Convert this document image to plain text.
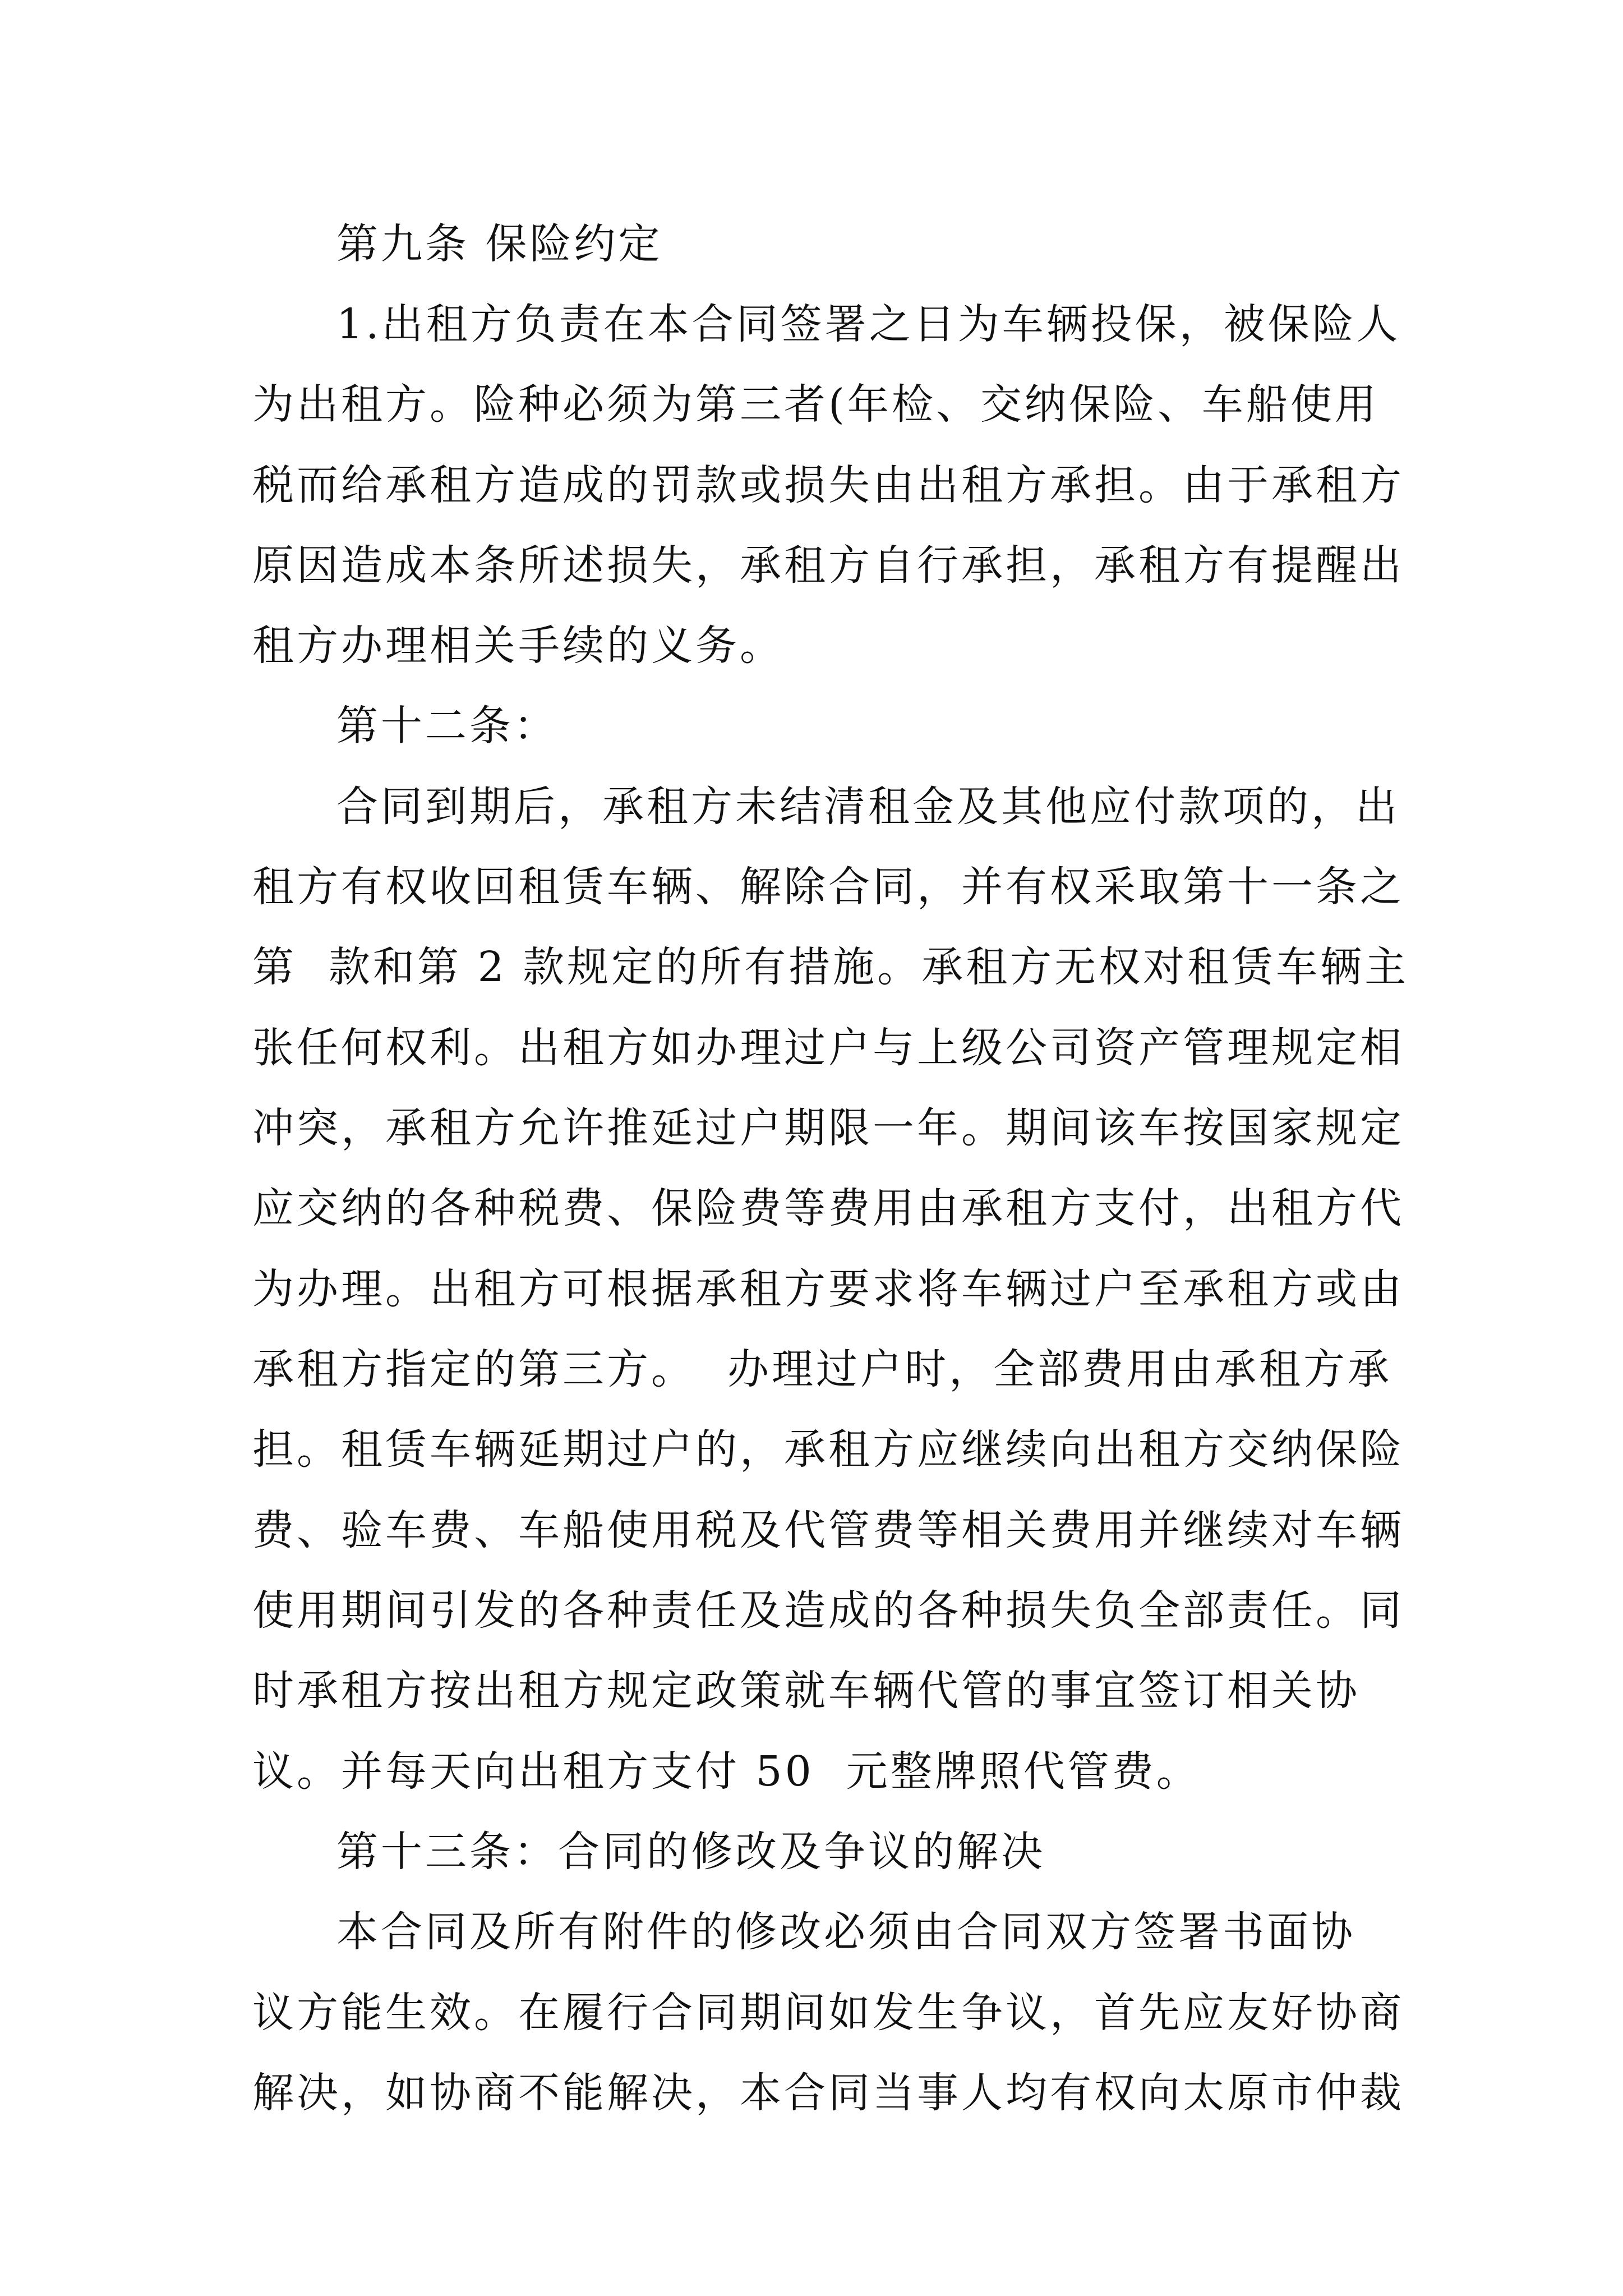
第九条 保险约定
1.出租方负责在本合同签署之日为车辆投保，被保险人
为出租方。险种必须为第三者(年检、交纳保险、车船使用
税而给承租方造成的罚款或损失由出租方承担。由于承租方
原因造成本条所述损失，承租方自行承担，承租方有提醒出
租方办理相关手续的义务。
第十二条：
合同到期后，承租方未结清租金及其他应付款项的，出
租方有权收回租赁车辆、解除合同，并有权采取第十一条之
第  款和第 2 款规定的所有措施。承租方无权对租赁车辆主
张任何权利。出租方如办理过户与上级公司资产管理规定相
冲突，承租方允许推延过户期限一年。期间该车按国家规定
应交纳的各种税费、保险费等费用由承租方支付，出租方代
为办理。出租方可根据承租方要求将车辆过户至承租方或由
承租方指定的第三方。  办理过户时，全部费用由承租方承
担。租赁车辆延期过户的，承租方应继续向出租方交纳保险
费、验车费、车船使用税及代管费等相关费用并继续对车辆
使用期间引发的各种责任及造成的各种损失负全部责任。同
时承租方按出租方规定政策就车辆代管的事宜签订相关协
议。并每天向出租方支付 50  元整牌照代管费。
第十三条：合同的修改及争议的解决
本合同及所有附件的修改必须由合同双方签署书面协
议方能生效。在履行合同期间如发生争议，首先应友好协商
解决，如协商不能解决，本合同当事人均有权向太原市仲裁
